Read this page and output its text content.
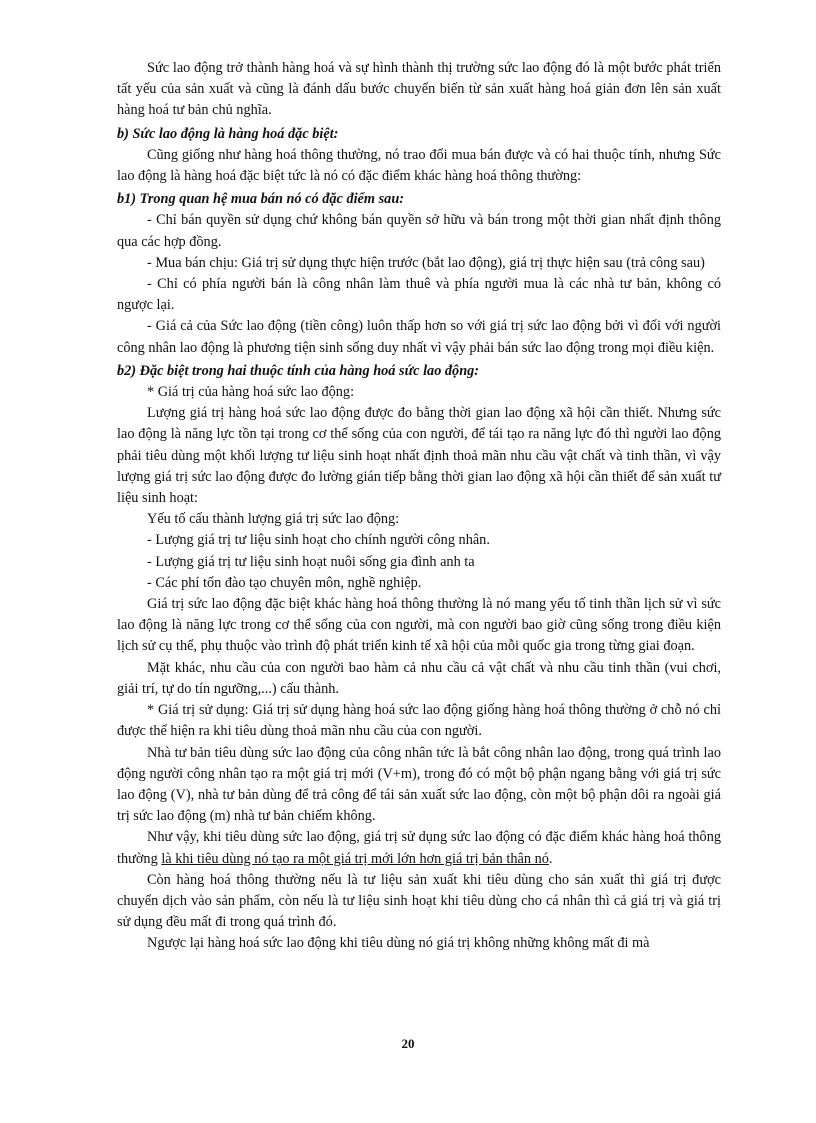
Sức lao động trở thành hàng hoá và sự hình thành thị trường sức lao động đó là một bước phát triển tất yếu của sản xuất và cũng là đánh dấu bước chuyển biến từ sản xuất hàng hoá giản đơn lên sản xuất hàng hoá tư bản chủ nghĩa.

b) Sức lao động là hàng hoá đặc biệt:

Cũng giống như hàng hoá thông thường, nó trao đổi mua bán được và có hai thuộc tính, nhưng Sức lao động là hàng hoá đặc biệt tức là nó có đặc điểm khác hàng hoá thông thường:

b1) Trong quan hệ mua bán nó có đặc điểm sau:

- Chỉ bán quyền sử dụng chứ không bán quyền sở hữu và bán trong một thời gian nhất định thông qua các hợp đồng.

- Mua bán chịu: Giá trị sử dụng thực hiện trước (bắt lao động), giá trị thực hiện sau (trả công sau)

- Chỉ có phía người bán là công nhân làm thuê và phía người mua là các nhà tư bản, không có ngược lại.

- Giá cả của Sức lao động (tiền công) luôn thấp hơn so với giá trị sức lao động bởi vì đối với người công nhân lao động là phương tiện sinh sống duy nhất vì vậy phải bán sức lao động trong mọi điều kiện.

b2) Đặc biệt trong hai thuộc tính của hàng hoá sức lao động:

* Giá trị của hàng hoá sức lao động:

Lượng giá trị hàng hoá sức lao động được đo bằng thời gian lao động xã hội cần thiết. Nhưng sức lao động là năng lực tồn tại trong cơ thể sống của con người, để tái tạo ra năng lực đó thì người lao động phải tiêu dùng một khối lượng tư liệu sinh hoạt nhất định thoả mãn nhu cầu vật chất và tinh thần, vì vậy lượng giá trị sức lao động được đo lường gián tiếp bằng thời gian lao động xã hội cần thiết để sản xuất tư liệu sinh hoạt:

Yếu tố cấu thành lượng giá trị sức lao động:

- Lượng giá trị tư liệu sinh hoạt cho chính người công nhân.

- Lượng giá trị tư liệu sinh hoạt nuôi sống gia đình anh ta

- Các phí tổn đào tạo chuyên môn, nghề nghiệp.

Giá trị sức lao động đặc biệt khác hàng hoá thông thường là nó mang yếu tố tinh thần lịch sử vì sức lao động là năng lực trong cơ thể sống của con người, mà con người bao giờ cũng sống trong điều kiện lịch sử cụ thể, phụ thuộc vào trình độ phát triển kinh tế xã hội của mỗi quốc gia trong từng giai đoạn.

Mặt khác, nhu cầu của con người bao hàm cả nhu cầu cả vật chất và nhu cầu tinh thần (vui chơi, giải trí, tự do tín ngưỡng,...) cấu thành.

* Giá trị sử dụng: Giá trị sử dụng hàng hoá sức lao động giống hàng hoá thông thường ở chỗ nó chỉ được thể hiện ra khi tiêu dùng thoả mãn nhu cầu của con người.

Nhà tư bản tiêu dùng sức lao động của công nhân tức là bắt công nhân lao động, trong quá trình lao động người công nhân tạo ra một giá trị mới (V+m), trong đó có một bộ phận ngang bằng với giá trị sức lao động (V), nhà tư bản dùng để trả công để tái sản xuất sức lao động, còn một bộ phận dôi ra ngoài giá trị sức lao động (m) nhà tư bản chiếm không.

Như vậy, khi tiêu dùng sức lao động, giá trị sử dụng sức lao động có đặc điểm khác hàng hoá thông thường là khi tiêu dùng nó tạo ra một giá trị mới lớn hơn giá trị bản thân nó.

Còn hàng hoá thông thường nếu là tư liệu sản xuất khi tiêu dùng cho sản xuất thì giá trị được chuyển dịch vào sản phẩm, còn nếu là tư liệu sinh hoạt khi tiêu dùng cho cá nhân thì cả giá trị và giá trị sử dụng đều mất đi trong quá trình đó.

Ngược lại hàng hoá sức lao động khi tiêu dùng nó giá trị không những không mất đi mà

20
